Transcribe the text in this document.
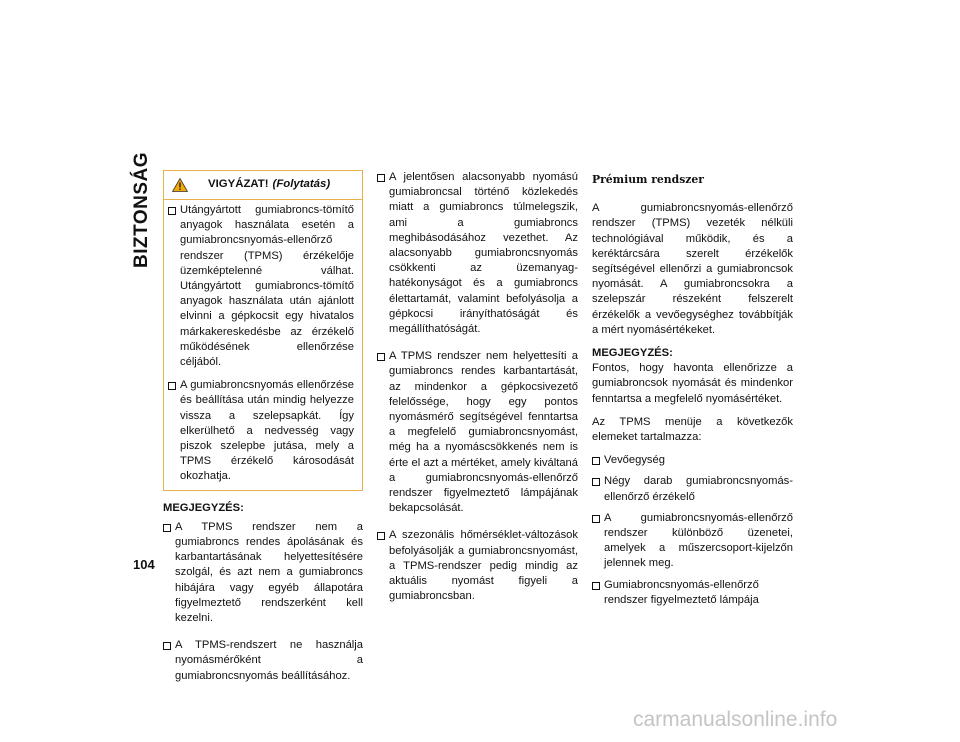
BIZTONSÁG
104
VIGYÁZAT! (Folytatás)
Utángyártott gumiabroncs-tömítő anyagok használata esetén a gumiabroncsnyomás-ellenőrző rendszer (TPMS) érzékelője üzemképtelenné válhat. Utángyártott gumiabroncs-tömítő anyagok használata után ajánlott elvinni a gépkocsit egy hivatalos márkakereskedésbe az érzékelő működésének ellenőrzése céljából.
A gumiabroncsnyomás ellenőrzése és beállítása után mindig helyezze vissza a szelepsapkát. Így elkerülhető a nedvesség vagy piszok szelepbe jutása, mely a TPMS érzékelő károsodását okozhatja.
MEGJEGYZÉS:
A TPMS rendszer nem a gumiabroncs rendes ápolásának és karbantartásának helyettesítésére szolgál, és azt nem a gumiabroncs hibájára vagy egyéb állapotára figyelmeztető rendszerként kell kezelni.
A TPMS-rendszert ne használja nyomásmérőként a gumiabroncsnyomás beállításához.
A jelentősen alacsonyabb nyomású gumiabroncsal történő közlekedés miatt a gumiabroncs túlmelegszik, ami a gumiabroncs meghibásodásához vezethet. Az alacsonyabb gumiabroncsnyomás csökkenti az üzemanyag-hatékonyságot és a gumiabroncs élettartamát, valamint befolyásolja a gépkocsi irányíthatóságát és megállíthatóságát.
A TPMS rendszer nem helyettesíti a gumiabroncs rendes karbantartását, az mindenkor a gépkocsivezető felelőssége, hogy egy pontos nyomásmérő segítségével fenntartsa a megfelelő gumiabroncsnyomást, még ha a nyomáscsökkenés nem is érte el azt a mértéket, amely kiváltaná a gumiabroncsnyomás-ellenőrző rendszer figyelmeztető lámpájának bekapcsolását.
A szezonális hőmérséklet-változások befolyásolják a gumiabroncsnyomást, a TPMS-rendszer pedig mindig az aktuális nyomást figyeli a gumiabroncsban.
Prémium rendszer

A gumiabroncsnyomás-ellenőrző rendszer (TPMS) vezeték nélküli technológiával működik, és a keréktárcsára szerelt érzékelők segítségével ellenőrzi a gumiabroncsok nyomását. A gumiabroncsokra a szelepszár részeként felszerelt érzékelők a vevőegységhez továbbítják a mért nyomásértékeket.

MEGJEGYZÉS:

Fontos, hogy havonta ellenőrizze a gumiabroncsok nyomását és mindenkor fenntartsa a megfelelő nyomásértéket.

Az TPMS menüje a következők elemeket tartalmazza:

Vevőegység
Négy darab gumiabroncsnyomás-ellenőrző érzékelő
A gumiabroncsnyomás-ellenőrző rendszer különböző üzenetei, amelyek a műszercsoport-kijelzőn jelennek meg.
Gumiabroncsnyomás-ellenőrző rendszer figyelmeztető lámpája
carmanualsonline.info
